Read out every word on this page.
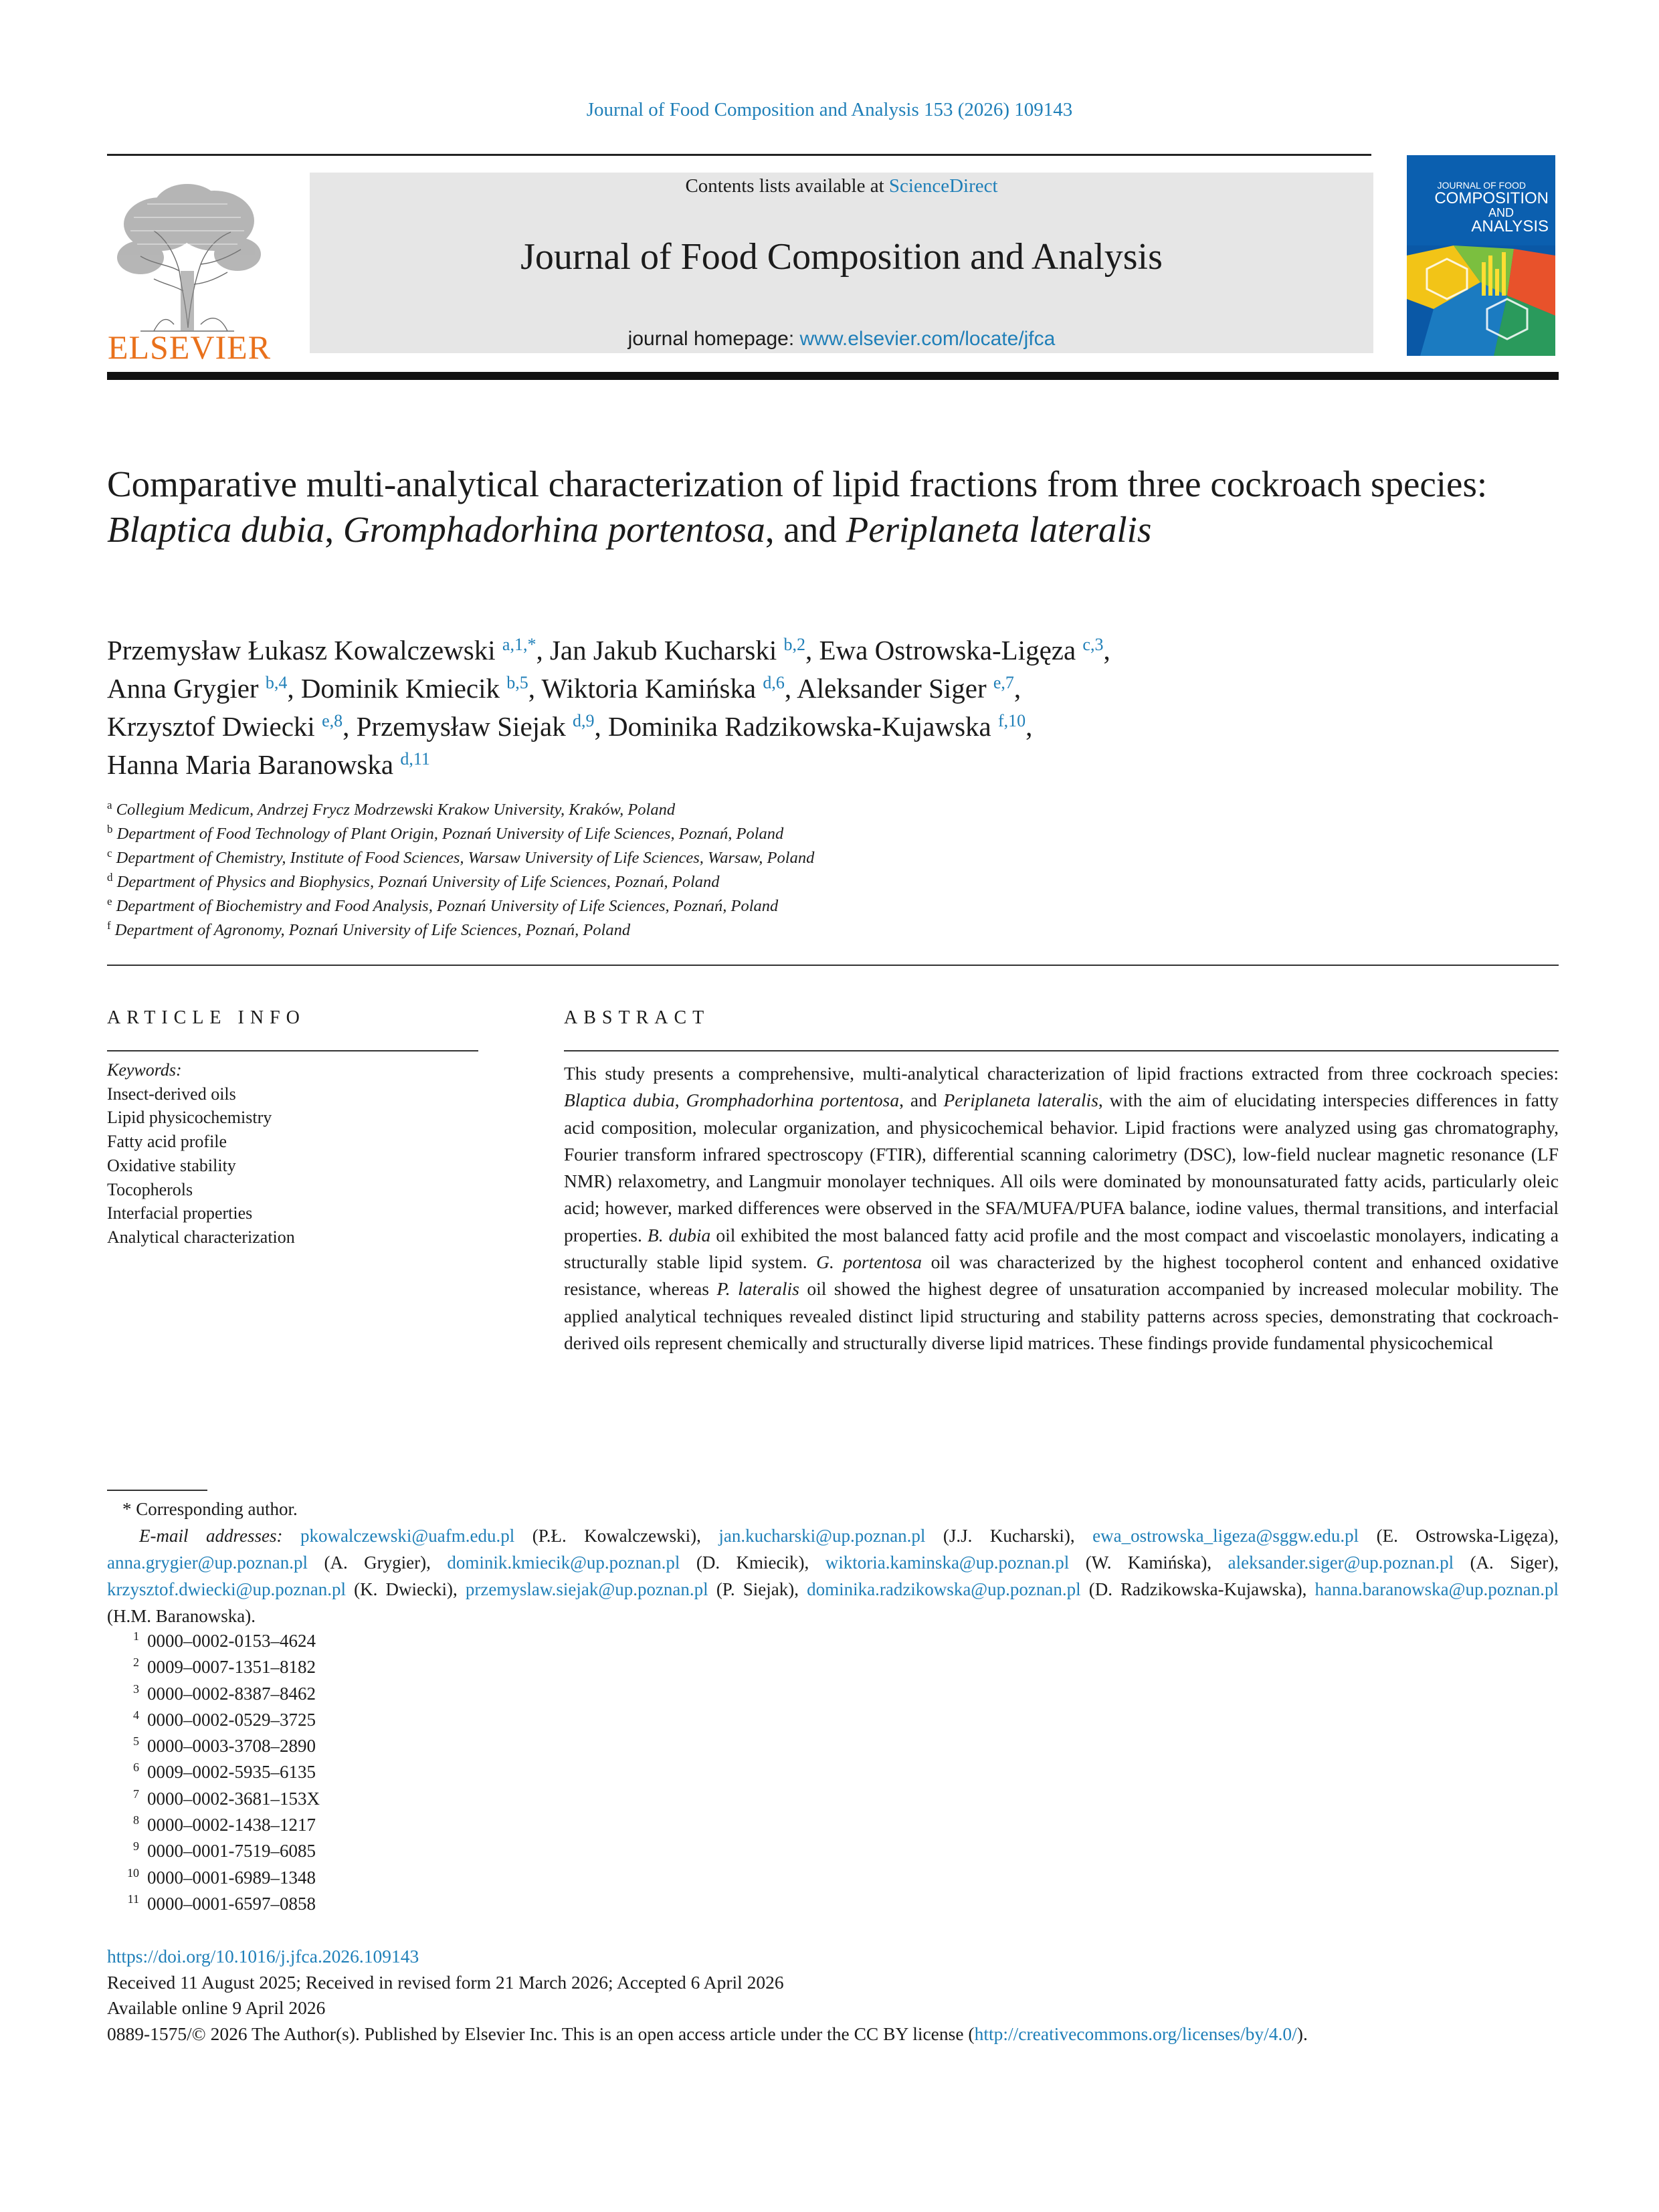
Journal of Food Composition and Analysis 153 (2026) 109143
ELSEVIER
Contents lists available at ScienceDirect
Journal of Food Composition and Analysis
journal homepage: www.elsevier.com/locate/jfca
JOURNAL OF FOOD
COMPOSITION
AND
ANALYSIS
Comparative multi-analytical characterization of lipid fractions from three cockroach species: Blaptica dubia, Gromphadorhina portentosa, and Periplaneta lateralis
Przemysław Łukasz Kowalczewski $^{a,1,*}$, Jan Jakub Kucharski $^{b,2}$, Ewa Ostrowska-Ligęza $^{c,3}$,
Anna Grygier $^{b,4}$, Dominik Kmiecik $^{b,5}$, Wiktoria Kamińska $^{d,6}$, Aleksander Siger $^{e,7}$,
Krzysztof Dwiecki $^{e,8}$, Przemysław Siejak $^{d,9}$, Dominika Radzikowska-Kujawska $^{f,10}$,
Hanna Maria Baranowska $^{d,11}$
$^a$ Collegium Medicum, Andrzej Frycz Modrzewski Krakow University, Kraków, Poland
$^b$ Department of Food Technology of Plant Origin, Poznań University of Life Sciences, Poznań, Poland
$^c$ Department of Chemistry, Institute of Food Sciences, Warsaw University of Life Sciences, Warsaw, Poland
$^d$ Department of Physics and Biophysics, Poznań University of Life Sciences, Poznań, Poland
$^e$ Department of Biochemistry and Food Analysis, Poznań University of Life Sciences, Poznań, Poland
$^f$ Department of Agronomy, Poznań University of Life Sciences, Poznań, Poland
ARTICLE INFO	ABSTRACT
Keywords:
Insect-derived oils
Lipid physicochemistry
Fatty acid profile
Oxidative stability
Tocopherols
Interfacial properties
Analytical characterization
This study presents a comprehensive, multi-analytical characterization of lipid fractions extracted from three cockroach species: Blaptica dubia, Gromphadorhina portentosa, and Periplaneta lateralis, with the aim of elucidating interspecies differences in fatty acid composition, molecular organization, and physicochemical behavior. Lipid fractions were analyzed using gas chromatography, Fourier transform infrared spectroscopy (FTIR), differential scanning calorimetry (DSC), low-field nuclear magnetic resonance (LF NMR) relaxometry, and Langmuir monolayer techniques. All oils were dominated by monounsaturated fatty acids, particularly oleic acid; however, marked differences were observed in the SFA/MUFA/PUFA balance, iodine values, thermal transitions, and interfacial properties. B. dubia oil exhibited the most balanced fatty acid profile and the most compact and viscoelastic monolayers, indicating a structurally stable lipid system. G. portentosa oil was characterized by the highest tocopherol content and enhanced oxidative resistance, whereas P. lateralis oil showed the highest degree of unsaturation accompanied by increased molecular mobility. The applied analytical techniques revealed distinct lipid structuring and stability patterns across species, demonstrating that cockroach-derived oils represent chemically and structurally diverse lipid matrices. These findings provide fundamental physicochemical
* Corresponding author.
E-mail addresses: pkowalczewski@uafm.edu.pl (P.Ł. Kowalczewski), jan.kucharski@up.poznan.pl (J.J. Kucharski), ewa_ostrowska_ligeza@sggw.edu.pl (E. Ostrowska-Ligęza), anna.grygier@up.poznan.pl (A. Grygier), dominik.kmiecik@up.poznan.pl (D. Kmiecik), wiktoria.kaminska@up.poznan.pl (W. Kamińska), aleksander.siger@up.poznan.pl (A. Siger), krzysztof.dwiecki@up.poznan.pl (K. Dwiecki), przemyslaw.siejak@up.poznan.pl (P. Siejak), dominika.radzikowska@up.poznan.pl (D. Radzikowska-Kujawska), hanna.baranowska@up.poznan.pl (H.M. Baranowska).
1 0000–0002-0153–4624
2 0009–0007-1351–8182
3 0000–0002-8387–8462
4 0000–0002-0529–3725
5 0000–0003-3708–2890
6 0009–0002-5935–6135
7 0000–0002-3681–153X
8 0000–0002-1438–1217
9 0000–0001-7519–6085
10 0000–0001-6989–1348
11 0000–0001-6597–0858
https://doi.org/10.1016/j.jfca.2026.109143
Received 11 August 2025; Received in revised form 21 March 2026; Accepted 6 April 2026
Available online 9 April 2026
0889-1575/© 2026 The Author(s). Published by Elsevier Inc. This is an open access article under the CC BY license (http://creativecommons.org/licenses/by/4.0/).
